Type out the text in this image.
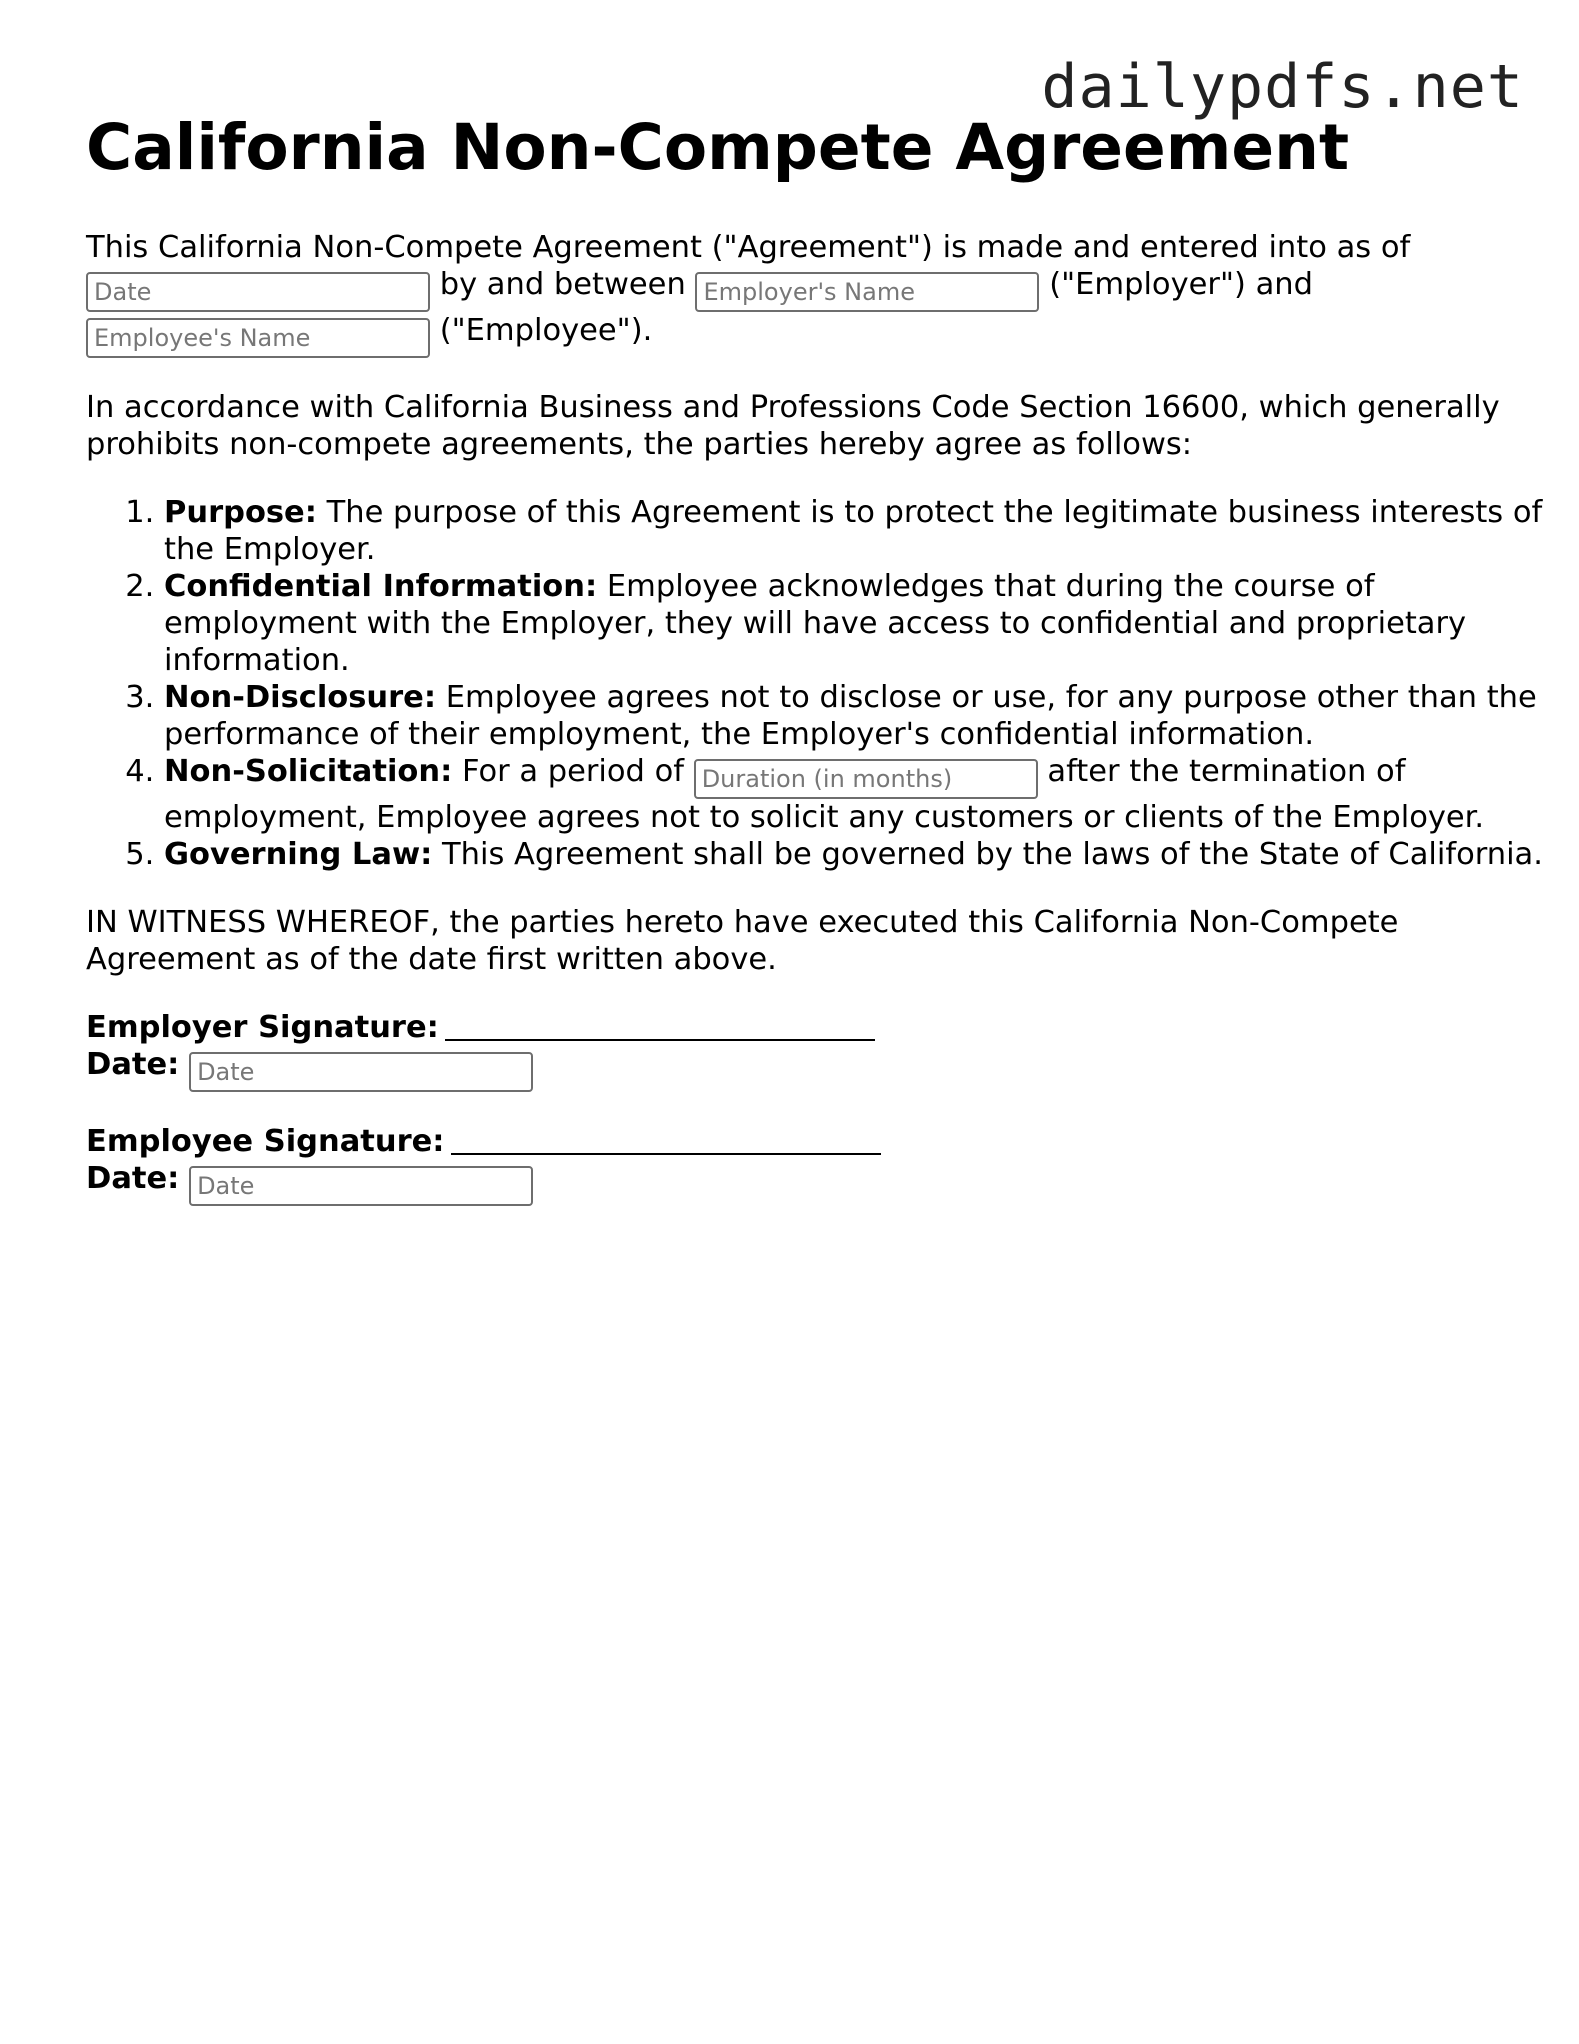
dailypdfs.net
California Non-Compete Agreement

This California Non-Compete Agreement ("Agreement") is made and entered into as of
Date by and between Employer's Name	("Employer") and
Employee's Name ("Employee").

In accordance with California Business and Professions Code Section 16600, which generally prohibits non-compete agreements, the parties hereby agree as follows:

1. Purpose: The purpose of this Agreement is to protect the legitimate business interests of the Employer.
2. Confidential Information: Employee acknowledges that during the course of employment with the Employer, they will have access to confidential and proprietary information.
3. Non-Disclosure: Employee agrees not to disclose or use, for any purpose other than the performance of their employment, the Employer's confidential information.
4. Non-Solicitation: For a period of Duration (in months)	after the termination of employment, Employee agrees not to solicit any customers or clients of the Employer.
5. Governing Law: This Agreement shall be governed by the laws of the State of California.

IN WITNESS WHEREOF, the parties hereto have executed this California Non-Compete Agreement as of the date first written above.

Employer Signature:
Date: Date

Employee Signature:
Date: Date
